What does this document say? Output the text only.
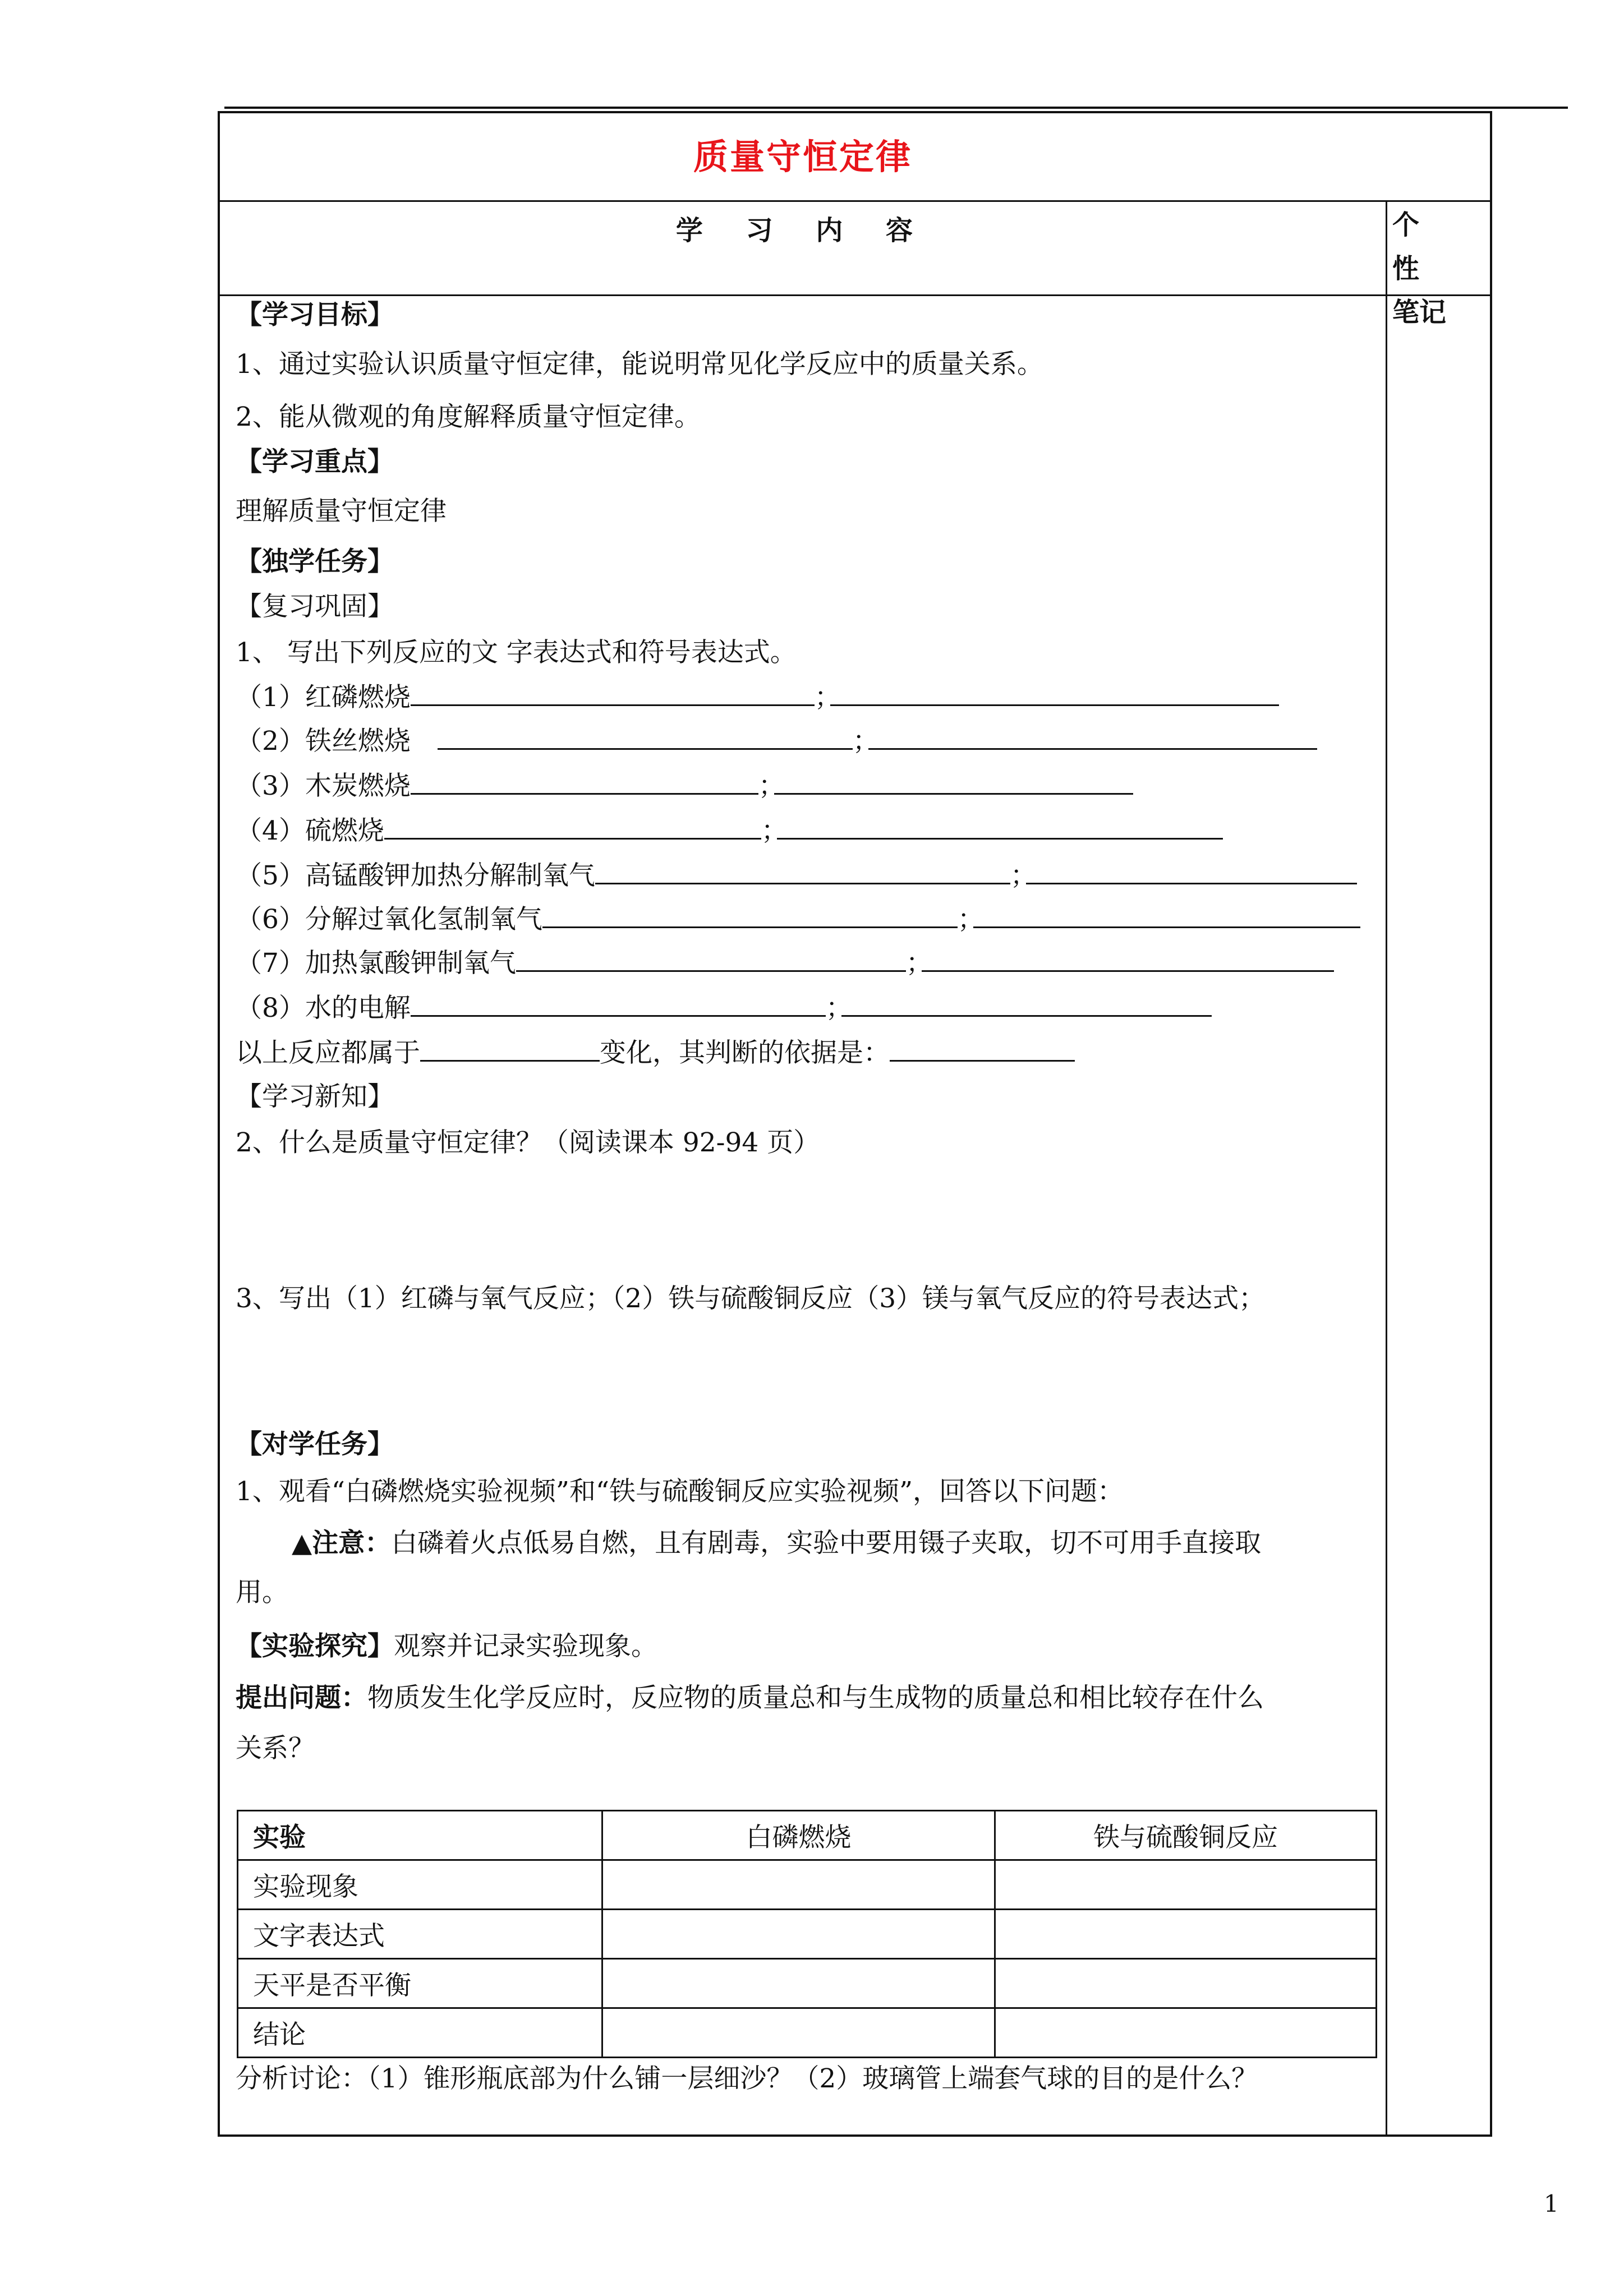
质量守恒定律
学 习 内 容	个 性
笔记
【学习目标】
1、通过实验认识质量守恒定律，能说明常见化学反应中的质量关系。
2、能从微观的角度解释质量守恒定律。
【学习重点】
理解质量守恒定律
【独学任务】
【复习巩固】
1、 写出下列反应的文 字表达式和符号表达式。
（1）红磷燃烧	；
（2）铁丝燃烧	；
（3）木炭燃烧	；
（4）硫燃烧	；
（5）高锰酸钾加热分解制氧气	；
（6）分解过氧化氢制氧气	；
（7）加热氯酸钾制氧气	；
（8）水的电解	；
以上反应都属于	变化，其判断的依据是：
【学习新知】
2、什么是质量守恒定律？（阅读课本 92-94 页）
3、写出（1）红磷与氧气反应；（2）铁与硫酸铜反应（3）镁与氧气反应的符号表达式；
【对学任务】
1、观看“白磷燃烧实验视频”和“铁与硫酸铜反应实验视频”，回答以下问题：
▲注意：白磷着火点低易自燃，且有剧毒，实验中要用镊子夹取，切不可用手直接取
用。
【实验探究】观察并记录实验现象。
提出问题：物质发生化学反应时，反应物的质量总和与生成物的质量总和相比较存在什么
关系？
实验	白磷燃烧	铁与硫酸铜反应
实验现象		
文字表达式		
天平是否平衡		
结论		
分析讨论：（1）锥形瓶底部为什么铺一层细沙？（2）玻璃管上端套气球的目的是什么？
1
